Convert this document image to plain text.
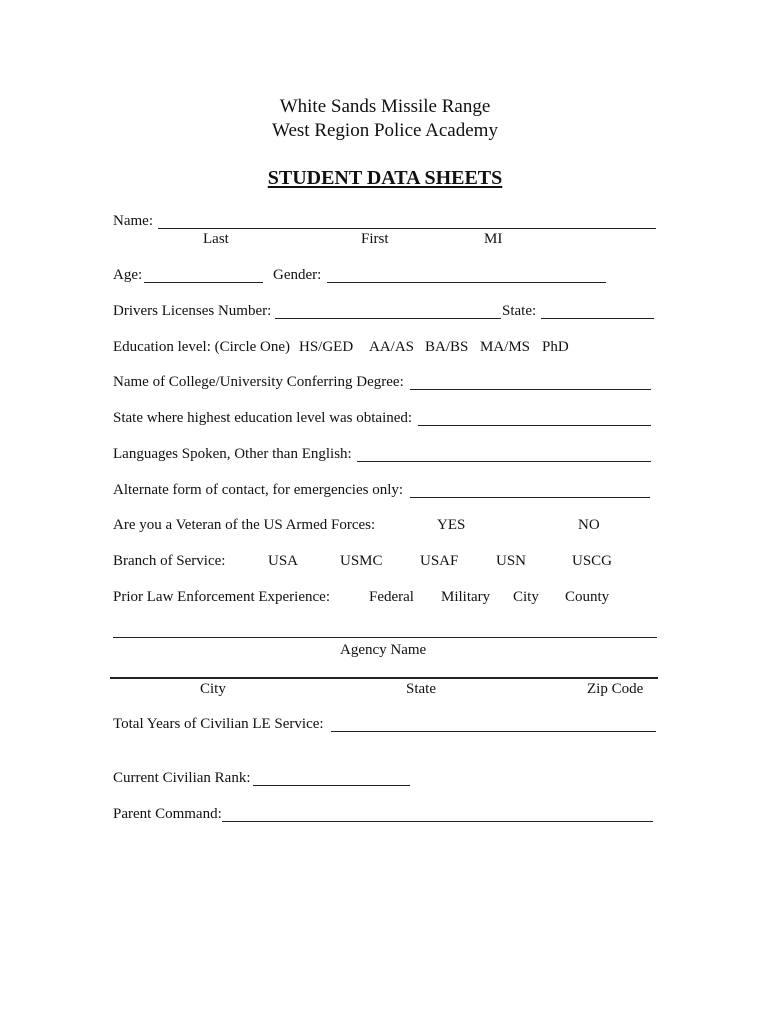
White Sands Missile Range
West Region Police Academy
STUDENT DATA SHEETS
Name:
Last	First	MI
Age:	Gender:
Drivers Licenses Number:	State:
Education level: (Circle One) HS/GED AA/AS BA/BS MA/MS PhD
Name of College/University Conferring Degree:
State where highest education level was obtained:
Languages Spoken, Other than English:
Alternate form of contact, for emergencies only:
Are you a Veteran of the US Armed Forces:	YES	NO
Branch of Service:	USA	USMC USAF	USN	USCG
Prior Law Enforcement Experience:	Federal Military City County
Agency Name
City	State	Zip Code
Total Years of Civilian LE Service:
Current Civilian Rank:
Parent Command:
